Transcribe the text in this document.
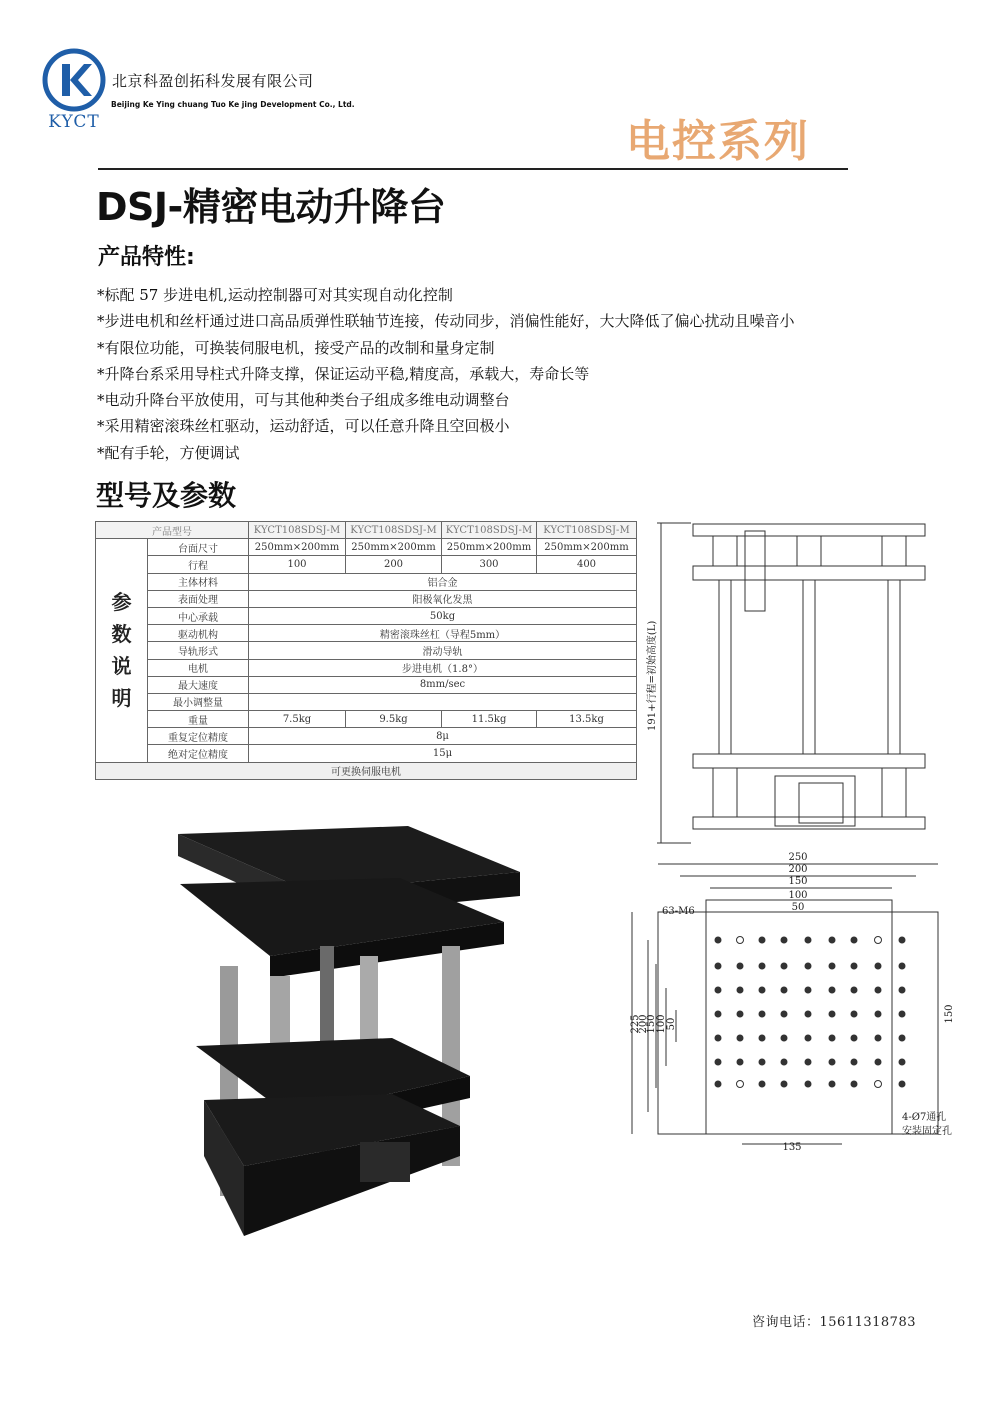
KYCT
北京科盈创拓科发展有限公司
Beijing Ke Ying chuang Tuo Ke jing Development Co., Ltd.
电控系列
DSJ-精密电动升降台
产品特性:
*标配 57 步进电机,运动控制器可对其实现自动化控制
*步进电机和丝杆通过进口高品质弹性联轴节连接，传动同步，消偏性能好，大大降低了偏心扰动且噪音小
*有限位功能，可换装伺服电机，接受产品的改制和量身定制
*升降台系采用导柱式升降支撑，保证运动平稳,精度高，承载大，寿命长等
*电动升降台平放使用，可与其他种类台子组成多维电动调整台
*采用精密滚珠丝杠驱动，运动舒适，可以任意升降且空回极小
*配有手轮，方便调试
型号及参数
产品型号		KYCT108SDSJ-M	KYCT108SDSJ-M	KYCT108SDSJ-M	KYCT108SDSJ-M
参
数
说
明	台面尺寸	250mm×200mm	250mm×200mm	250mm×200mm	250mm×200mm
	行程	100	200	300	400
	主体材料	铝合金			
	表面处理	阳极氧化发黑			
	中心承载	50kg			
	驱动机构	精密滚珠丝杠（导程5mm）			
	导轨形式	滑动导轨			
	电机	步进电机（1.8°）			
	最大速度	8mm/sec			
	最小调整量				
	重量	7.5kg	9.5kg	11.5kg	13.5kg
	重复定位精度	8μ			
	绝对定位精度	15μ			
可更换伺服电机					
191+行程=初始高度(L)
250
200
150
100
50
135
225
200
150 100 50
150
63-M6
4-Ø7通孔
安装固定孔
咨询电话：15611318783
